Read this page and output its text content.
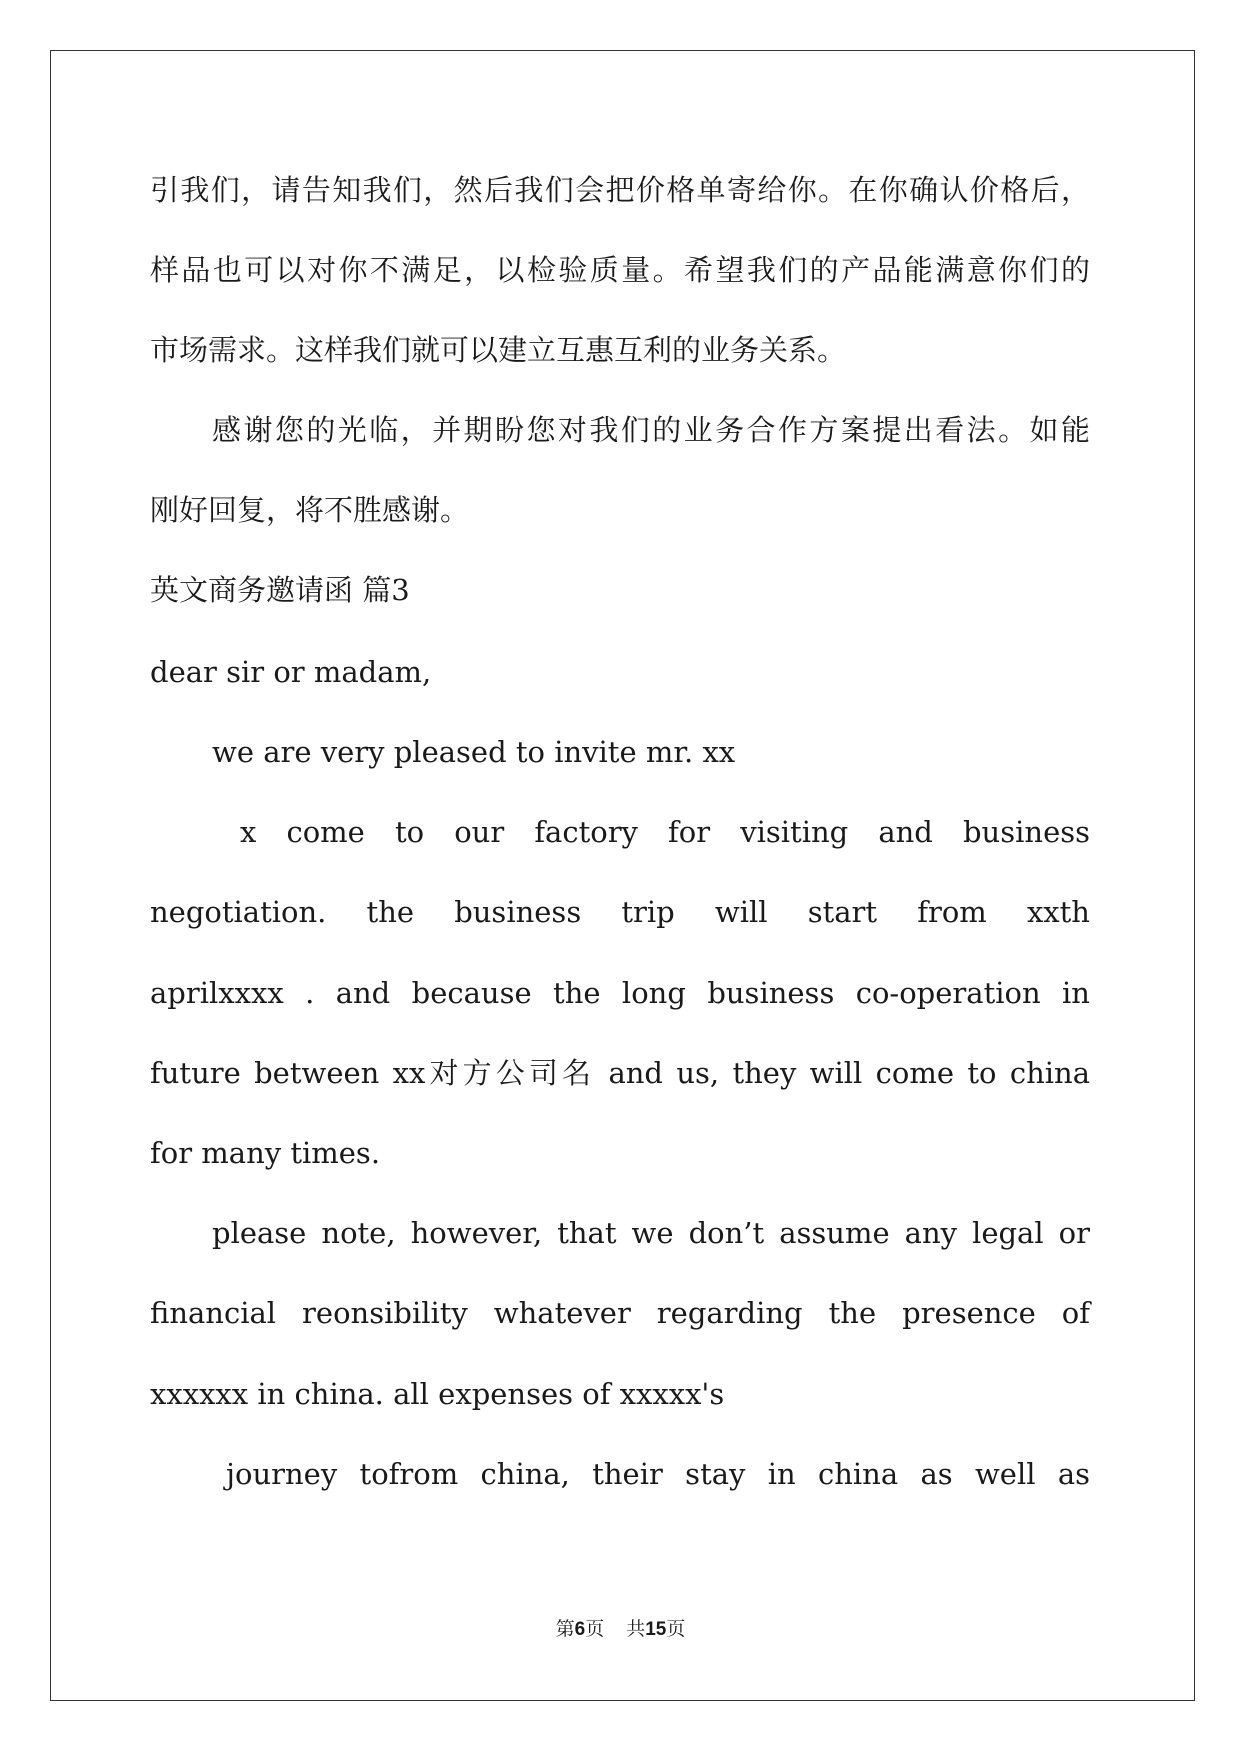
引我们，请告知我们，然后我们会把价格单寄给你。在你确认价格后，
样品也可以对你不满足，以检验质量。希望我们的产品能满意你们的
市场需求。这样我们就可以建立互惠互利的业务关系。
感谢您的光临，并期盼您对我们的业务合作方案提出看法。如能
刚好回复，将不胜感谢。
英文商务邀请函 篇3
dear sir or madam,
we are very pleased to invite mr. xx
x come to our factory for visiting and business
negotiation. the business trip will start from xxth
aprilxxxx . and because the long business co-operation in
future between xx对方公司名 and us, they will come to china
for many times.
please note, however, that we don’t assume any legal or
financial reonsibility whatever regarding the presence of
xxxxxx in china. all expenses of xxxxx's
journey tofrom china, their stay in china as well as
第6页 共15页
